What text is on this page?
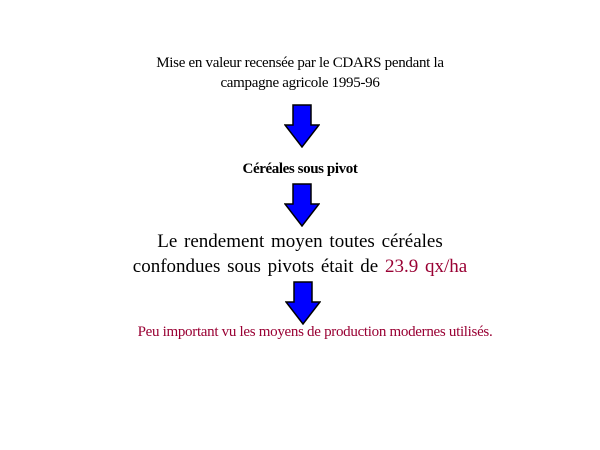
Mise en valeur recensée par le CDARS pendant la
campagne agricole 1995-96
Céréales sous pivot
Le rendement moyen toutes céréales
confondues sous pivots était de 23.9 qx/ha
Peu important vu les moyens de production modernes utilisés.
